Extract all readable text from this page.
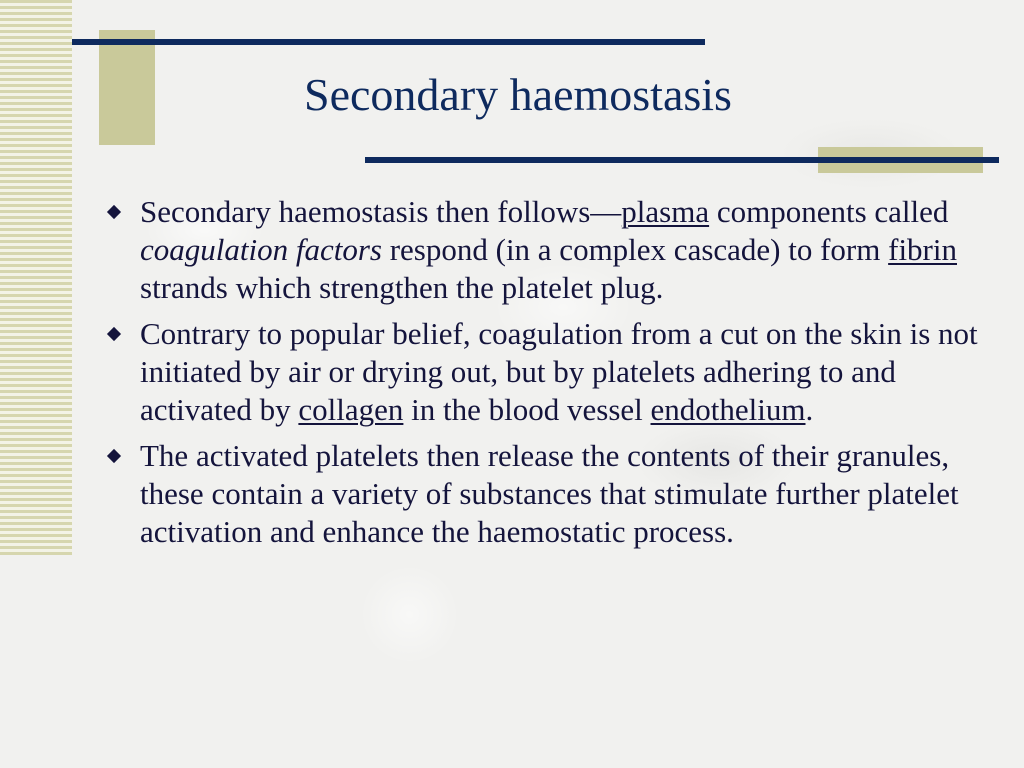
Secondary haemostasis
Secondary haemostasis then follows—plasma components called coagulation factors respond (in a complex cascade) to form fibrin strands which strengthen the platelet plug.
Contrary to popular belief, coagulation from a cut on the skin is not initiated by air or drying out, but by platelets adhering to and activated by collagen in the blood vessel endothelium.
The activated platelets then release the contents of their granules, these contain a variety of substances that stimulate further platelet activation and enhance the haemostatic process.
